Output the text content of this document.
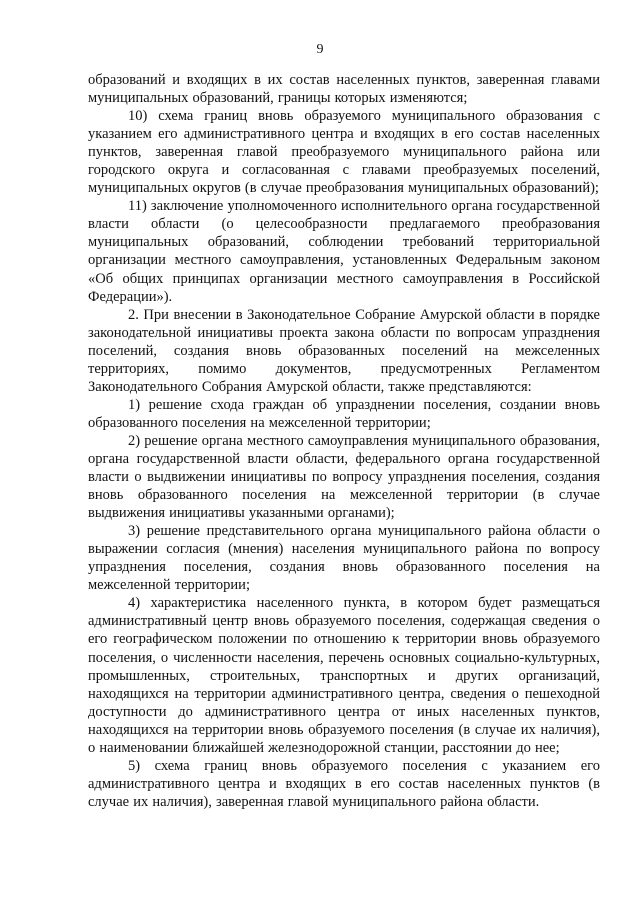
9

образований и входящих в их состав населенных пунктов, заверенная главами муниципальных образований, границы которых изменяются;

10) схема границ вновь образуемого муниципального образования с указанием его административного центра и входящих в его состав населенных пунктов, заверенная главой преобразуемого муниципального района или городского округа и согласованная с главами преобразуемых поселений, муниципальных округов (в случае преобразования муниципальных образований);

11) заключение уполномоченного исполнительного органа государственной власти области (о целесообразности предлагаемого преобразования муниципальных образований, соблюдении требований территориальной организации местного самоуправления, установленных Федеральным законом «Об общих принципах организации местного самоуправления в Российской Федерации»).

2. При внесении в Законодательное Собрание Амурской области в порядке законодательной инициативы проекта закона области по вопросам упразднения поселений, создания вновь образованных поселений на межселенных территориях, помимо документов, предусмотренных Регламентом Законодательного Собрания Амурской области, также представляются:

1) решение схода граждан об упразднении поселения, создании вновь образованного поселения на межселенной территории;

2) решение органа местного самоуправления муниципального образования, органа государственной власти области, федерального органа государственной власти о выдвижении инициативы по вопросу упразднения поселения, создания вновь образованного поселения на межселенной территории (в случае выдвижения инициативы указанными органами);

3) решение представительного органа муниципального района области о выражении согласия (мнения) населения муниципального района по вопросу упразднения поселения, создания вновь образованного поселения на межселенной территории;

4) характеристика населенного пункта, в котором будет размещаться административный центр вновь образуемого поселения, содержащая сведения о его географическом положении по отношению к территории вновь образуемого поселения, о численности населения, перечень основных социально-культурных, промышленных, строительных, транспортных и других организаций, находящихся на территории административного центра, сведения о пешеходной доступности до административного центра от иных населенных пунктов, находящихся на территории вновь образуемого поселения (в случае их наличия), о наименовании ближайшей железнодорожной станции, расстоянии до нее;

5) схема границ вновь образуемого поселения с указанием его административного центра и входящих в его состав населенных пунктов (в случае их наличия), заверенная главой муниципального района области.
